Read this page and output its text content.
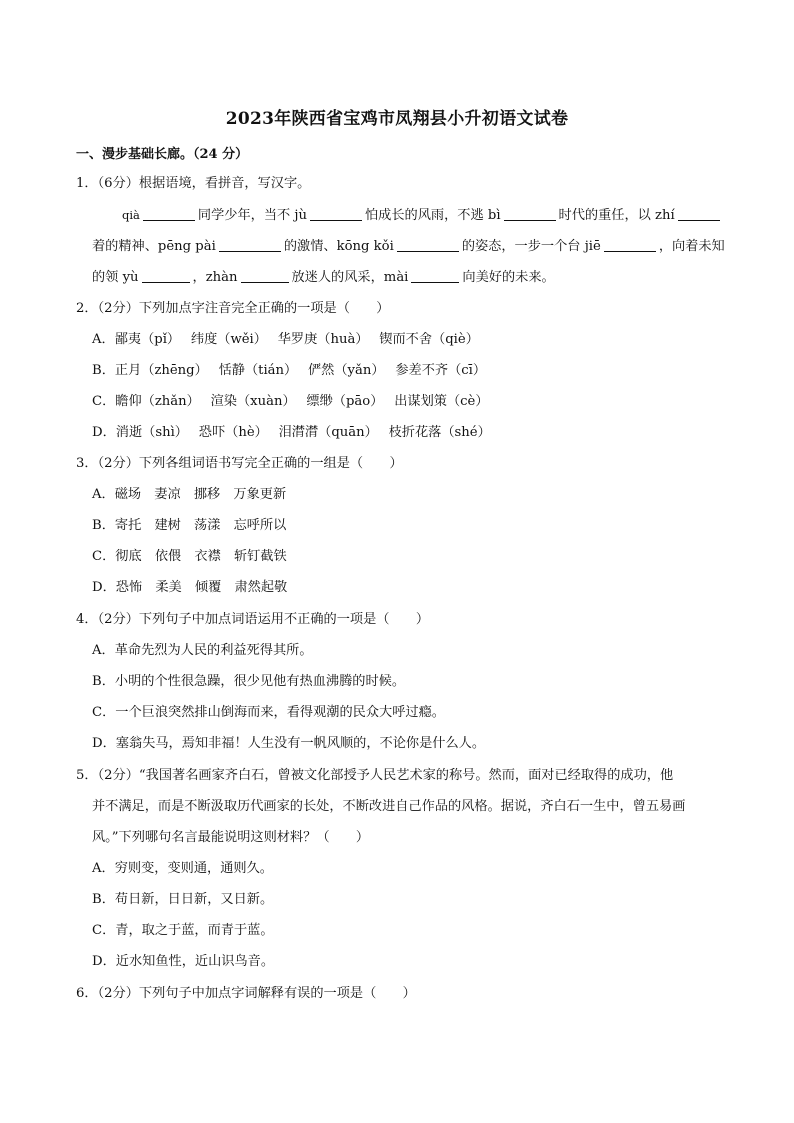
2023年陕西省宝鸡市凤翔县小升初语文试卷
一、漫步基础长廊。（24 分）
1．（6分）根据语境，看拼音，写汉字。
qià	同学少年，当不 jù	怕成长的风雨，不逃 bì	时代的重任，以 zhí
着的精神、pēng pài	的激情、kōng kǒi	的姿态，一步一个台 jiē	，向着未知
的领 yù	，zhàn	放迷人的风采，mài	向美好的未来。
2．（2分）下列加点字注音完全正确的一项是（　　）
A．鄙夷（pǐ）　 纬度（wěi）　 华罗庚（huà）　 锲而不舍（qiè）
B．正月（zhēng）　 恬静（tián）　 俨然（yǎn）　 参差不齐（cī）
C．瞻仰（zhǎn）　 渲染（xuàn）　 缥缈（pāo）　 出谋划策（cè）
D．消逝（shì）　 恐吓（hè）　 泪潸潸（quān）　 枝折花落（shé）
3．（2分）下列各组词语书写完全正确的一组是（　　）
A．磁场　妻凉　挪移　万象更新
B．寄托　建树　荡漾　忘呼所以
C．彻底　依偎　衣襟　斩钉截铁
D．恐怖　柔美　倾覆　肃然起敬
4．（2分）下列句子中加点词语运用不正确的一项是（　　）
A．革命先烈为人民的利益死得其所。
B．小明的个性很急躁，很少见他有热血沸腾的时候。
C．一个巨浪突然排山倒海而来，看得观潮的民众大呼过瘾。
D．塞翁失马，焉知非福！人生没有一帆风顺的，不论你是什么人。
5．（2分）“我国著名画家齐白石，曾被文化部授予人民艺术家的称号。然而，面对已经取得的成功，他
并不满足，而是不断汲取历代画家的长处，不断改进自己作品的风格。据说，齐白石一生中，曾五易画
风。”下列哪句名言最能说明这则材料？（　　）
A．穷则变，变则通，通则久。
B．苟日新，日日新，又日新。
C．青，取之于蓝，而青于蓝。
D．近水知鱼性，近山识鸟音。
6．（2分）下列句子中加点字词解释有误的一项是（　　）
